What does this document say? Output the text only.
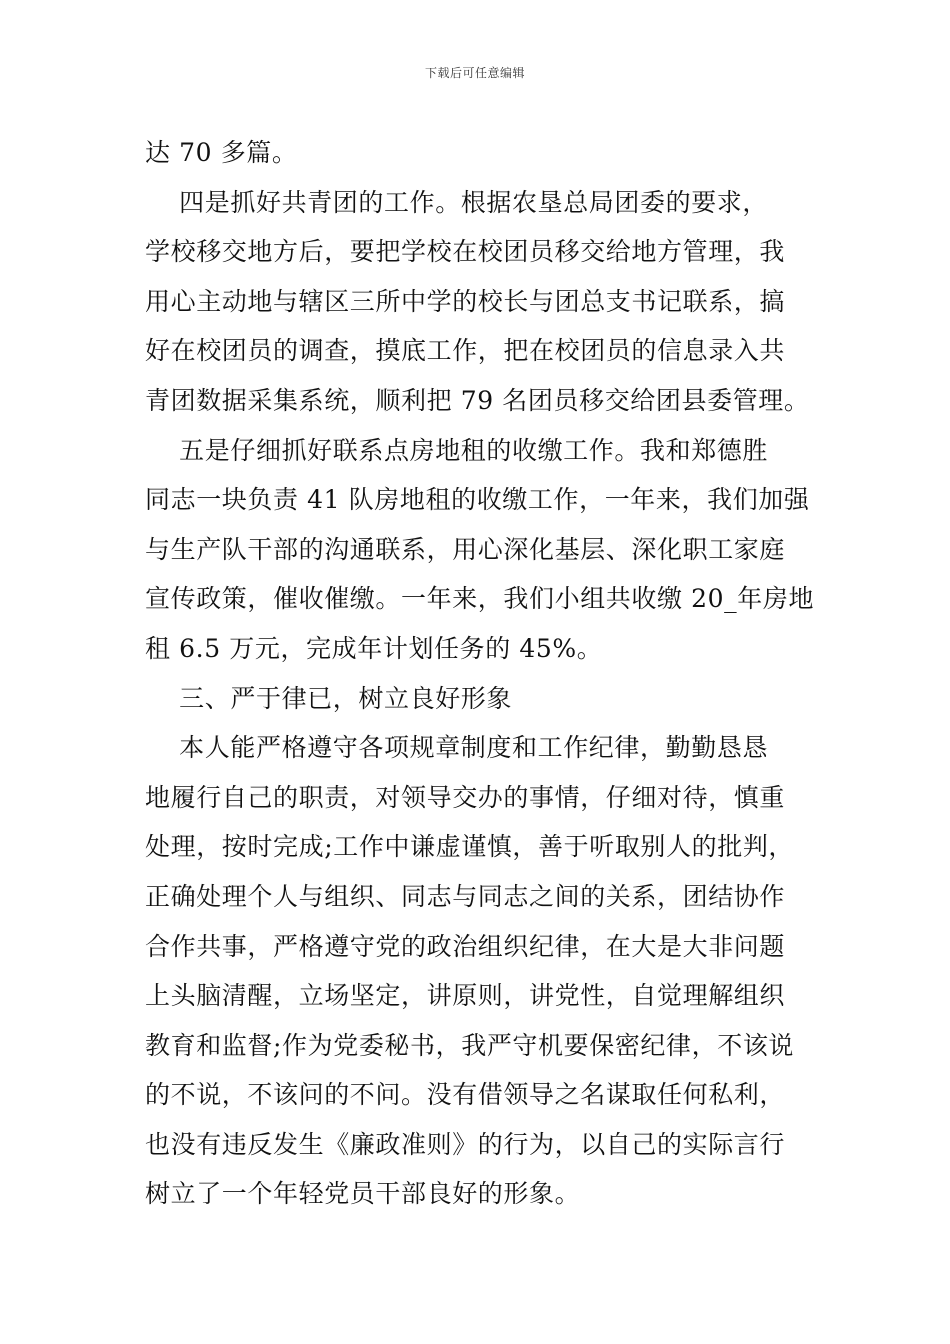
下载后可任意编辑

达 70 多篇。

四是抓好共青团的工作。根据农垦总局团委的要求，

学校移交地方后，要把学校在校团员移交给地方管理，我

用心主动地与辖区三所中学的校长与团总支书记联系，搞

好在校团员的调查，摸底工作，把在校团员的信息录入共

青团数据采集系统，顺利把 79 名团员移交给团县委管理。

五是仔细抓好联系点房地租的收缴工作。我和郑德胜

同志一块负责 41 队房地租的收缴工作，一年来，我们加强

与生产队干部的沟通联系，用心深化基层、深化职工家庭

宣传政策，催收催缴。一年来，我们小组共收缴 20_年房地

租 6.5 万元，完成年计划任务的 45%。

三、严于律已，树立良好形象

本人能严格遵守各项规章制度和工作纪律，勤勤恳恳

地履行自己的职责，对领导交办的事情，仔细对待，慎重

处理，按时完成;工作中谦虚谨慎，善于听取别人的批判，

正确处理个人与组织、同志与同志之间的关系，团结协作

合作共事，严格遵守党的政治组织纪律，在大是大非问题

上头脑清醒，立场坚定，讲原则，讲党性，自觉理解组织

教育和监督;作为党委秘书，我严守机要保密纪律，不该说

的不说，不该问的不问。没有借领导之名谋取任何私利，

也没有违反发生《廉政准则》的行为，以自己的实际言行

树立了一个年轻党员干部良好的形象。
